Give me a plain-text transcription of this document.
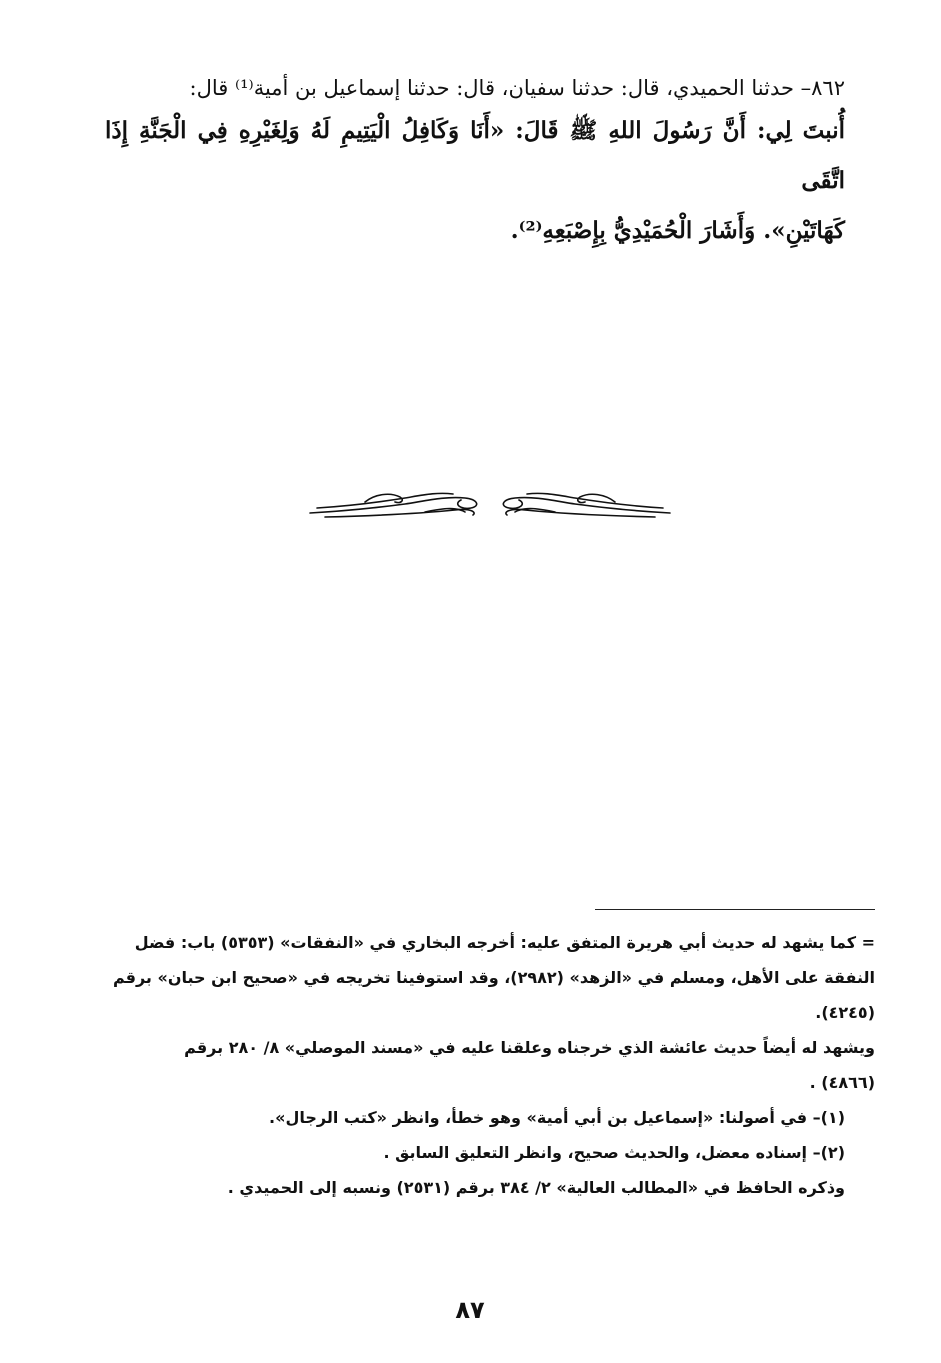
٨٦٢– حدثنا الحميدي، قال: حدثنا سفيان، قال: حدثنا إسماعيل بن أمية⁽¹⁾ قال:
أُنبتَ لِي: أَنَّ رَسُولَ اللهِ ﷺ قَالَ: «أَنَا وَكَافِلُ الْيَتِيمِ لَهُ وَلِغَيْرِهِ فِي الْجَنَّةِ إِذَا اتَّقَى
كَهَاتَيْنِ». وَأَشَارَ الْحُمَيْدِيُّ بِإِصْبَعِهِ⁽²⁾.
= كما يشهد له حديث أبي هريرة المتفق عليه: أخرجه البخاري في «النفقات» (٥٣٥٣) باب: فضل
النفقة على الأهل، ومسلم في «الزهد» (٢٩٨٢)، وقد استوفينا تخريجه في «صحيح ابن حبان» برقم
(٤٢٤٥).
ويشهد له أيضاً حديث عائشة الذي خرجناه وعلقنا عليه في «مسند الموصلي» ٨/ ٢٨٠ برقم
(٤٨٦٦) .
(١)– في أصولنا: «إسماعيل بن أبي أمية» وهو خطأ، وانظر «كتب الرجال».
(٢)– إسناده معضل، والحديث صحيح، وانظر التعليق السابق .
وذكره الحافظ في «المطالب العالية» ٢/ ٣٨٤ برقم (٢٥٣١) ونسبه إلى الحميدي .
٨٧
